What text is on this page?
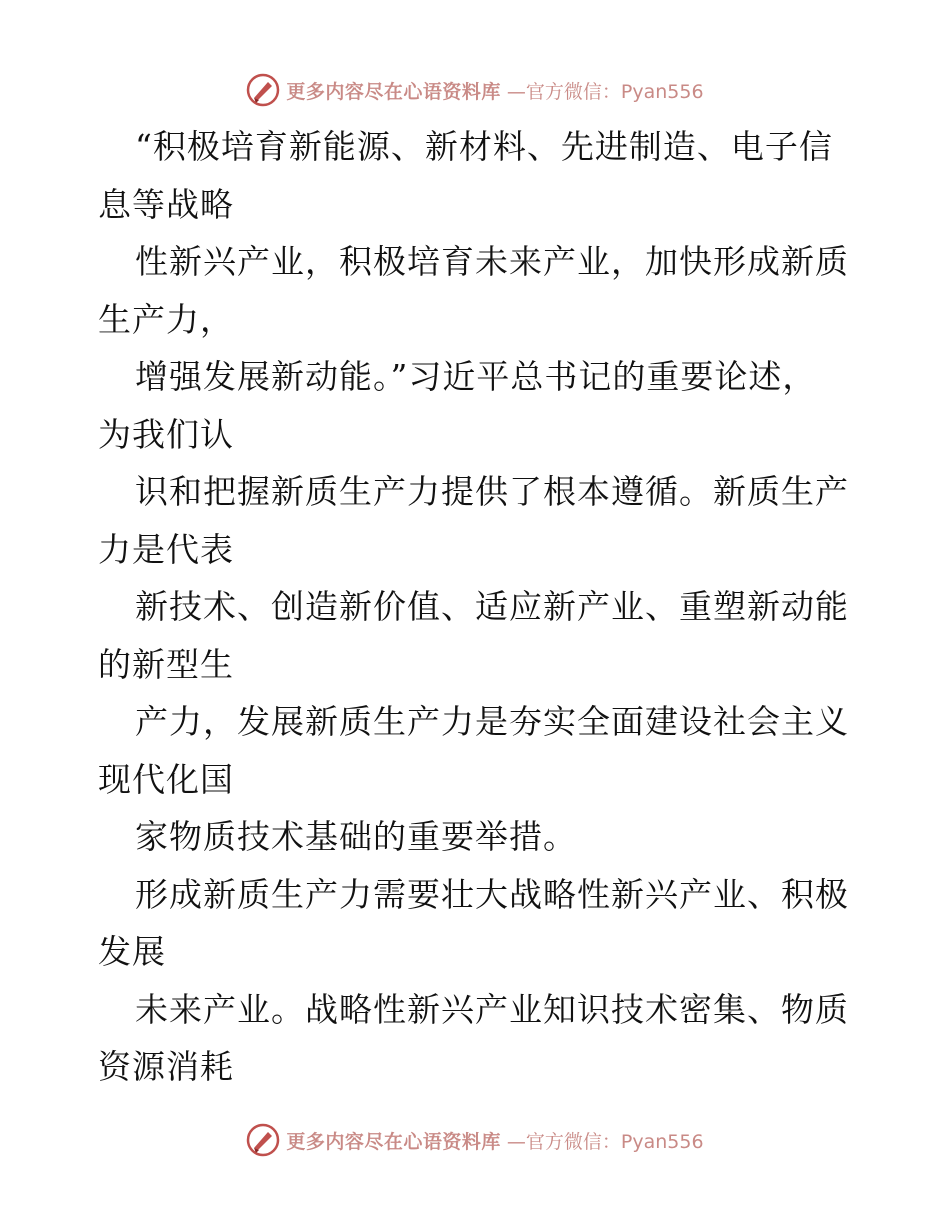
更多内容尽在心语资料库 —官方微信：Pyan556
“积极培育新能源、新材料、先进制造、电子信
息等战略
性新兴产业，积极培育未来产业，加快形成新质
生产力，
增强发展新动能。”习近平总书记的重要论述，
为我们认
识和把握新质生产力提供了根本遵循。新质生产
力是代表
新技术、创造新价值、适应新产业、重塑新动能
的新型生
产力，发展新质生产力是夯实全面建设社会主义
现代化国
家物质技术基础的重要举措。
形成新质生产力需要壮大战略性新兴产业、积极
发展
未来产业。战略性新兴产业知识技术密集、物质
资源消耗
更多内容尽在心语资料库 —官方微信：Pyan556
